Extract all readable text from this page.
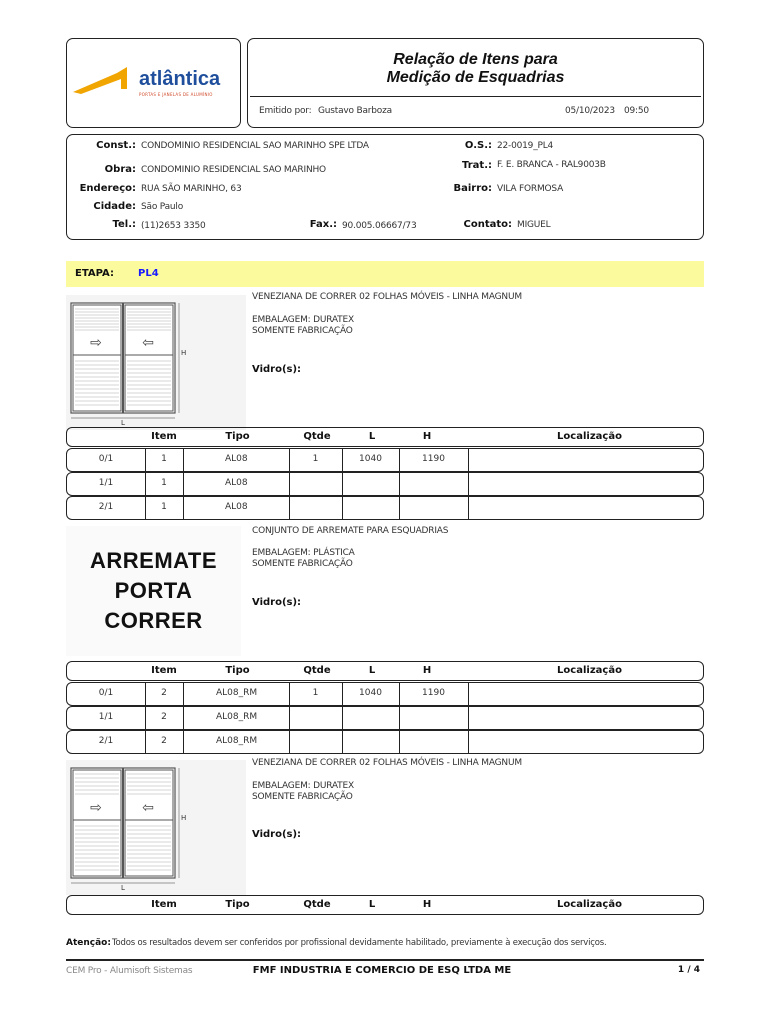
atlântica
PORTAS E JANELAS DE ALUMÍNIO
Relação de Itens para
Medição de Esquadrias
Emitido por: Gustavo Barboza	05/10/2023 09:50
Const.: CONDOMINIO RESIDENCIAL SAO MARINHO SPE LTDA	O.S.: 22-0019_PL4
Obra: CONDOMINIO RESIDENCIAL SAO MARINHO	Trat.: F. E. BRANCA - RAL9003B
Endereço: RUA SÃO MARINHO, 63	Bairro: VILA FORMOSA
Cidade: São Paulo
Tel.: (11)2653 3350	Fax.: 90.005.06667/73	Contato: MIGUEL
ETAPA: PL4
⇨	⇦
H
L
VENEZIANA DE CORRER 02 FOLHAS MÓVEIS - LINHA MAGNUM
EMBALAGEM: DURATEX
SOMENTE FABRICAÇÃO
Vidro(s):
Item	Tipo	Qtde	L	H	Localização
0/1	1	AL08	1	1040	1190
1/1	1	AL08
2/1	1	AL08
ARREMATE
PORTA
CORRER
CONJUNTO DE ARREMATE PARA ESQUADRIAS
EMBALAGEM: PLÁSTICA
SOMENTE FABRICAÇÃO
Vidro(s):
Item	Tipo	Qtde	L	H	Localização
0/1	2	AL08_RM	1	1040	1190
1/1	2	AL08_RM
2/1	2	AL08_RM
⇨	⇦
H
L
VENEZIANA DE CORRER 02 FOLHAS MÓVEIS - LINHA MAGNUM
EMBALAGEM: DURATEX
SOMENTE FABRICAÇÃO
Vidro(s):
Item	Tipo	Qtde	L	H	Localização
Atenção: Todos os resultados devem ser conferidos por profissional devidamente habilitado, previamente à execução dos serviços.
CEM Pro - Alumisoft Sistemas	FMF INDUSTRIA E COMERCIO DE ESQ LTDA ME	1 / 4
